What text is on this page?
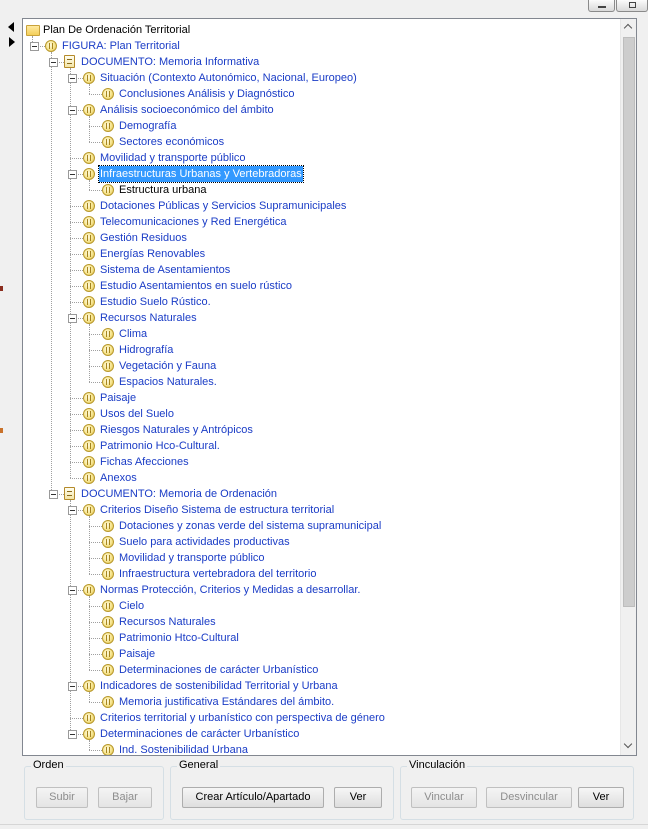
Plan De Ordenación Territorial
FIGURA: Plan Territorial
DOCUMENTO: Memoria Informativa
Situación (Contexto Autonómico, Nacional, Europeo)
Conclusiones Análisis y Diagnóstico
Análisis socioeconómico del ámbito
Demografía
Sectores económicos
Movilidad y transporte público
Infraestructuras Urbanas y Vertebradoras
Estructura urbana
Dotaciones Públicas y Servicios Supramunicipales
Telecomunicaciones y Red Energética
Gestión Residuos
Energías Renovables
Sistema de Asentamientos
Estudio Asentamientos en suelo rústico
Estudio Suelo Rústico.
Recursos Naturales
Clima
Hidrografía
Vegetación y Fauna
Espacios Naturales.
Paisaje
Usos del Suelo
Riesgos Naturales y Antrópicos
Patrimonio Hco-Cultural.
Fichas Afecciones
Anexos
DOCUMENTO: Memoria de Ordenación
Criterios Diseño Sistema de estructura territorial
Dotaciones y zonas verde del sistema supramunicipal
Suelo para actividades productivas
Movilidad y transporte público
Infraestructura vertebradora del territorio
Normas Protección, Criterios y Medidas a desarrollar.
Cielo
Recursos Naturales
Patrimonio Htco-Cultural
Paisaje
Determinaciones de carácter Urbanístico
Indicadores de sostenibilidad Territorial y Urbana
Memoria justificativa Estándares del ámbito.
Criterios territorial y urbanístico con perspectiva de género
Determinaciones de carácter Urbanístico
Ind. Sostenibilidad Urbana
Orden
Subir	Bajar
General
Crear Artículo/Apartado	Ver
Vinculación
Vincular	Desvincular	Ver
